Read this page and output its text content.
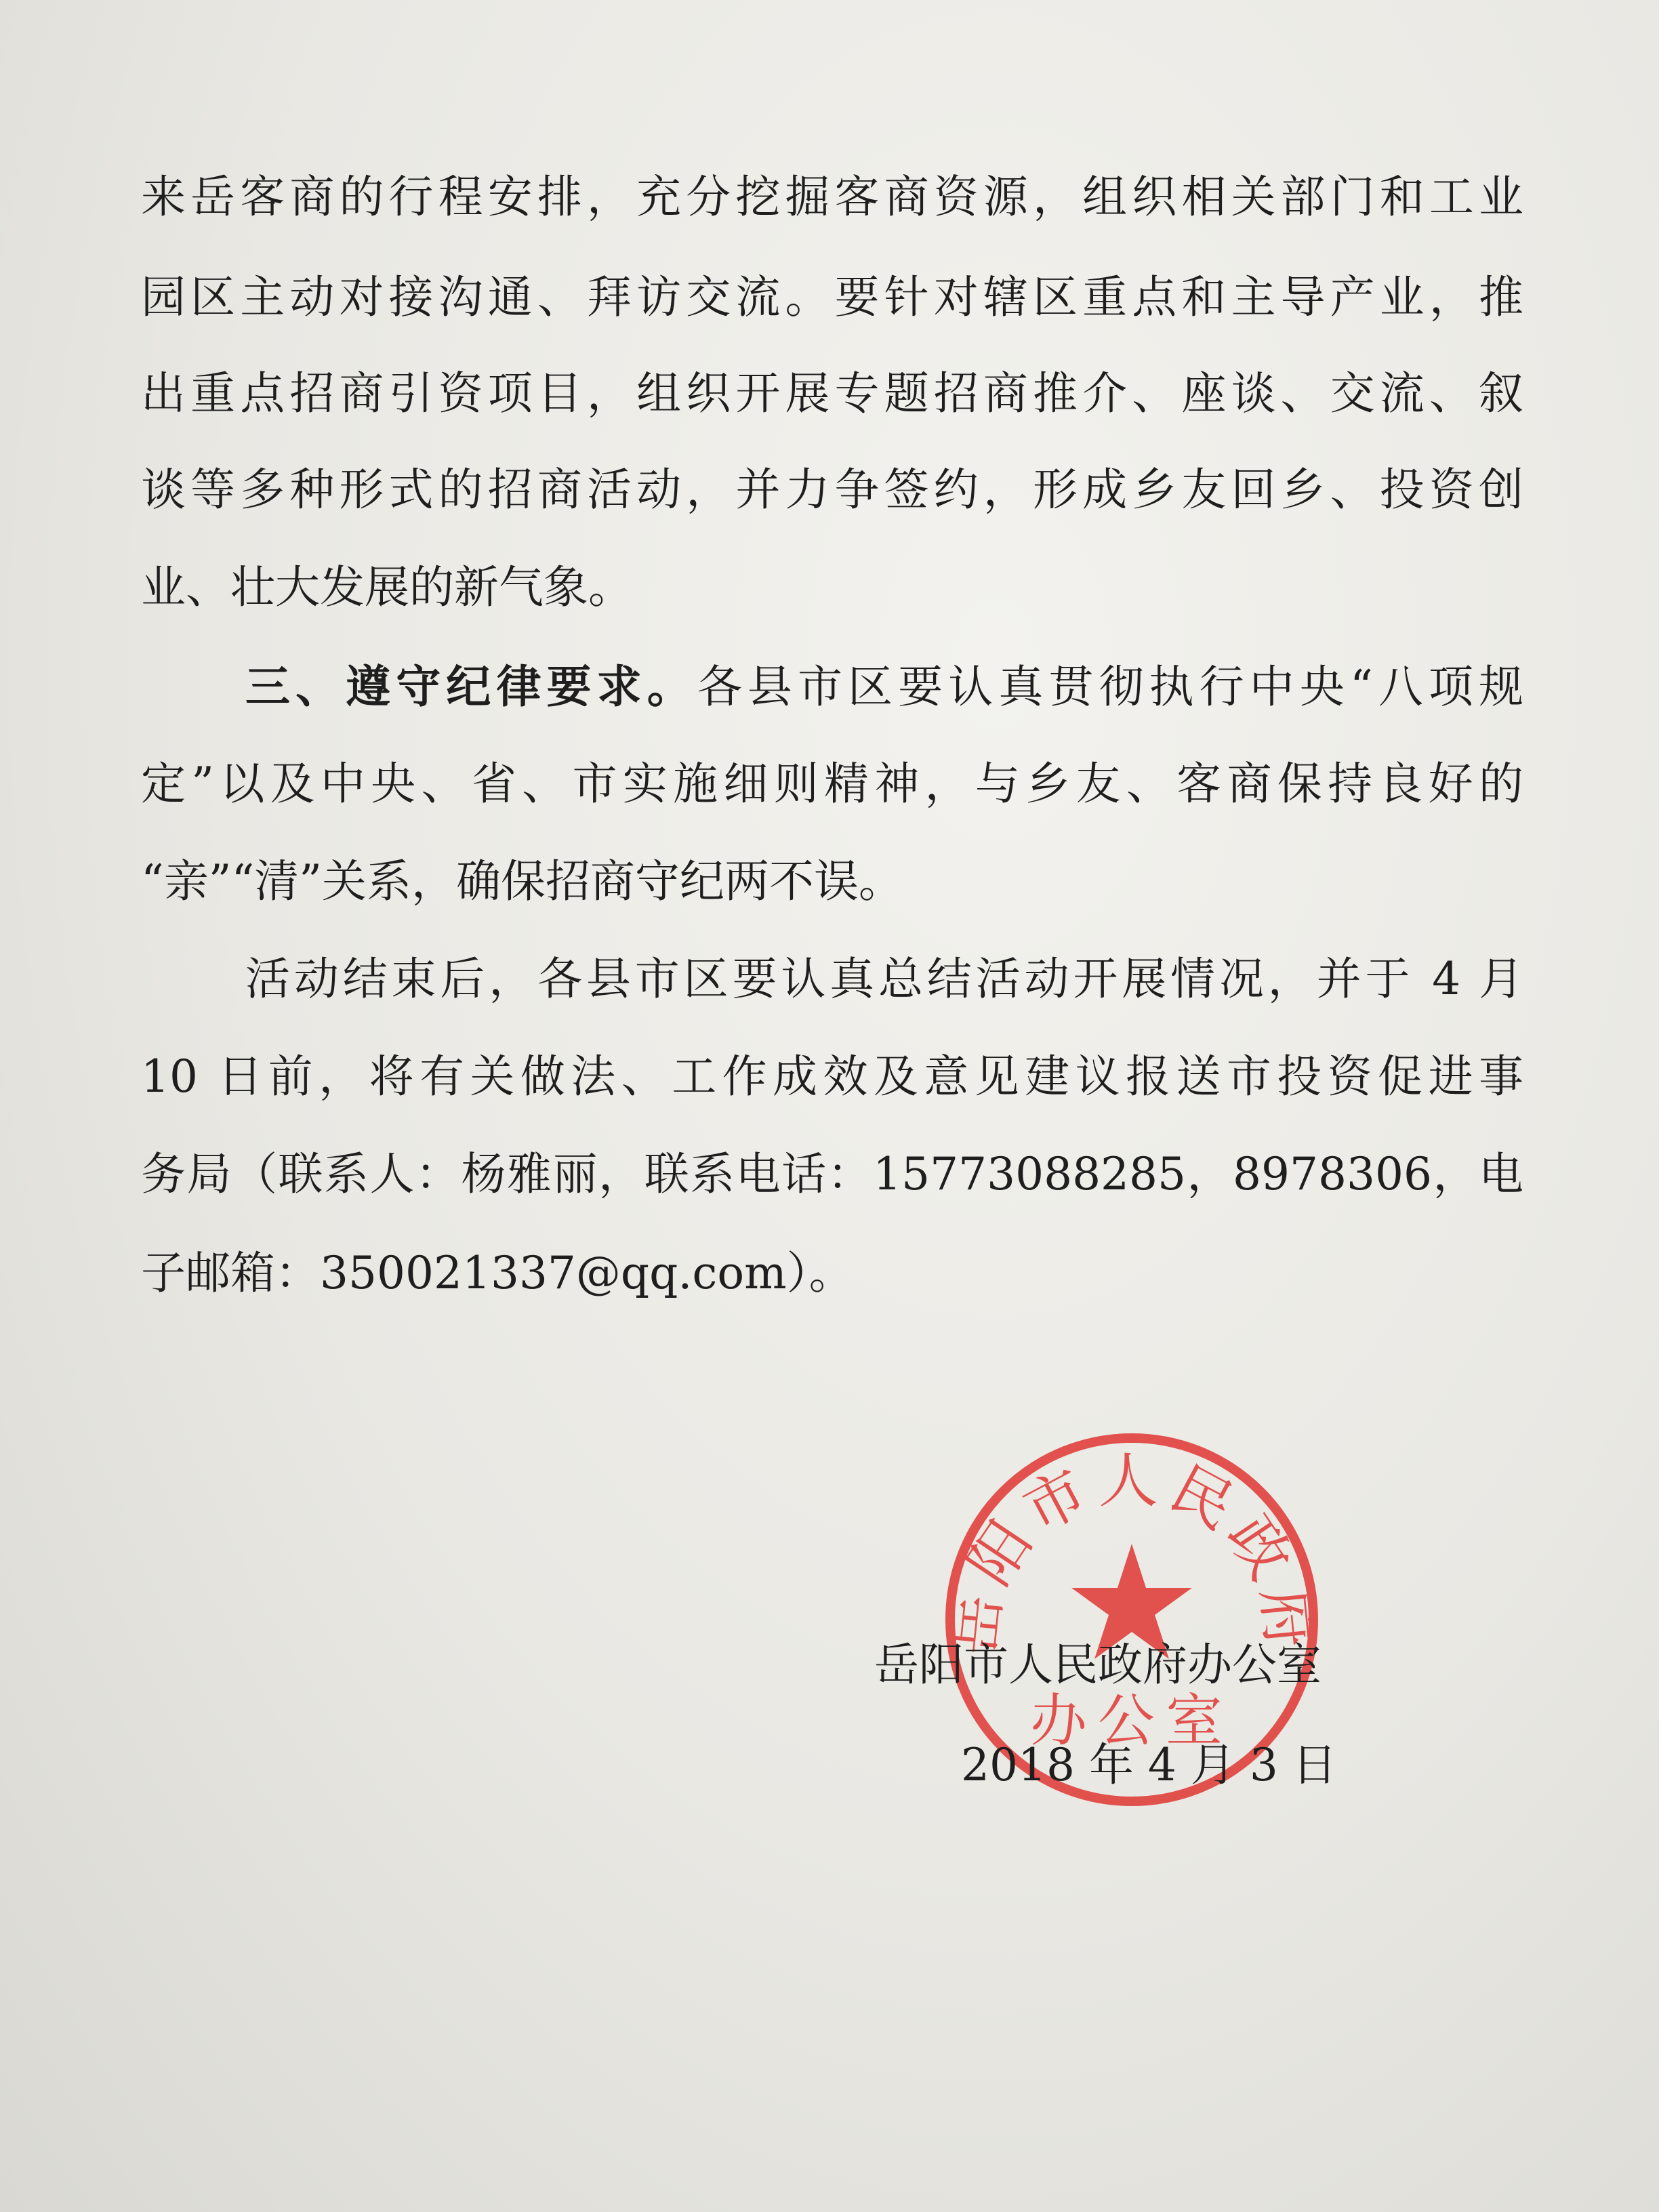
来岳客商的行程安排，充分挖掘客商资源，组织相关部门和工业
园区主动对接沟通、拜访交流。要针对辖区重点和主导产业，推
出重点招商引资项目，组织开展专题招商推介、座谈、交流、叙
谈等多种形式的招商活动，并力争签约，形成乡友回乡、投资创
业、壮大发展的新气象。
三、遵守纪律要求。各县市区要认真贯彻执行中央“八项规
定”以及中央、省、市实施细则精神，与乡友、客商保持良好的
“亲”“清”关系，确保招商守纪两不误。
活动结束后，各县市区要认真总结活动开展情况，并于 4 月
10 日前，将有关做法、工作成效及意见建议报送市投资促进事
务局（联系人：杨雅丽，联系电话：15773088285，8978306，电
子邮箱：350021337@qq.com）。
岳阳市人民政府
办公室
岳阳市人民政府办公室
2018 年 4 月 3 日
